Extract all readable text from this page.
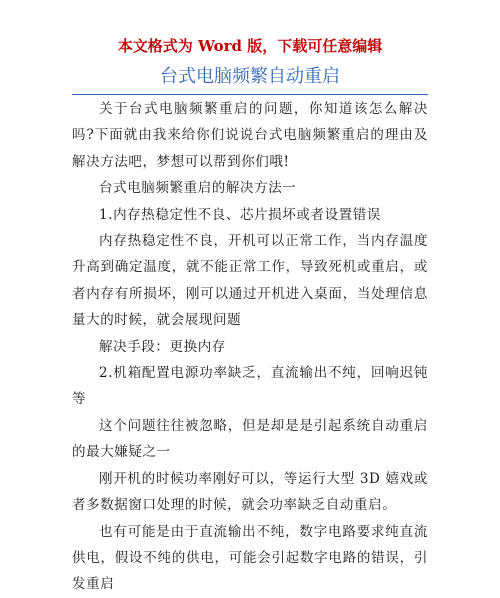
本文格式为 Word 版，下载可任意编辑
台式电脑频繁自动重启

关于台式电脑频繁重启的问题，你知道该怎么解决吗?下面就由我来给你们说说台式电脑频繁重启的理由及解决方法吧，梦想可以帮到你们哦!

台式电脑频繁重启的解决方法一

1.内存热稳定性不良、芯片损坏或者设置错误

内存热稳定性不良，开机可以正常工作，当内存温度升高到确定温度，就不能正常工作，导致死机或重启，或者内存有所损坏，刚可以通过开机进入桌面，当处理信息量大的时候，就会展现问题

解决手段：更换内存

2.机箱配置电源功率缺乏，直流输出不纯，回响迟钝等

这个问题往往被忽略，但是却是是引起系统自动重启的最大嫌疑之一

刚开机的时候功率刚好可以，等运行大型 3D 嬉戏或者多数据窗口处理的时候，就会功率缺乏自动重启。

也有可能是由于直流输出不纯，数字电路要求纯直流供电，假设不纯的供电，可能会引起数字电路的错误，引发重启
